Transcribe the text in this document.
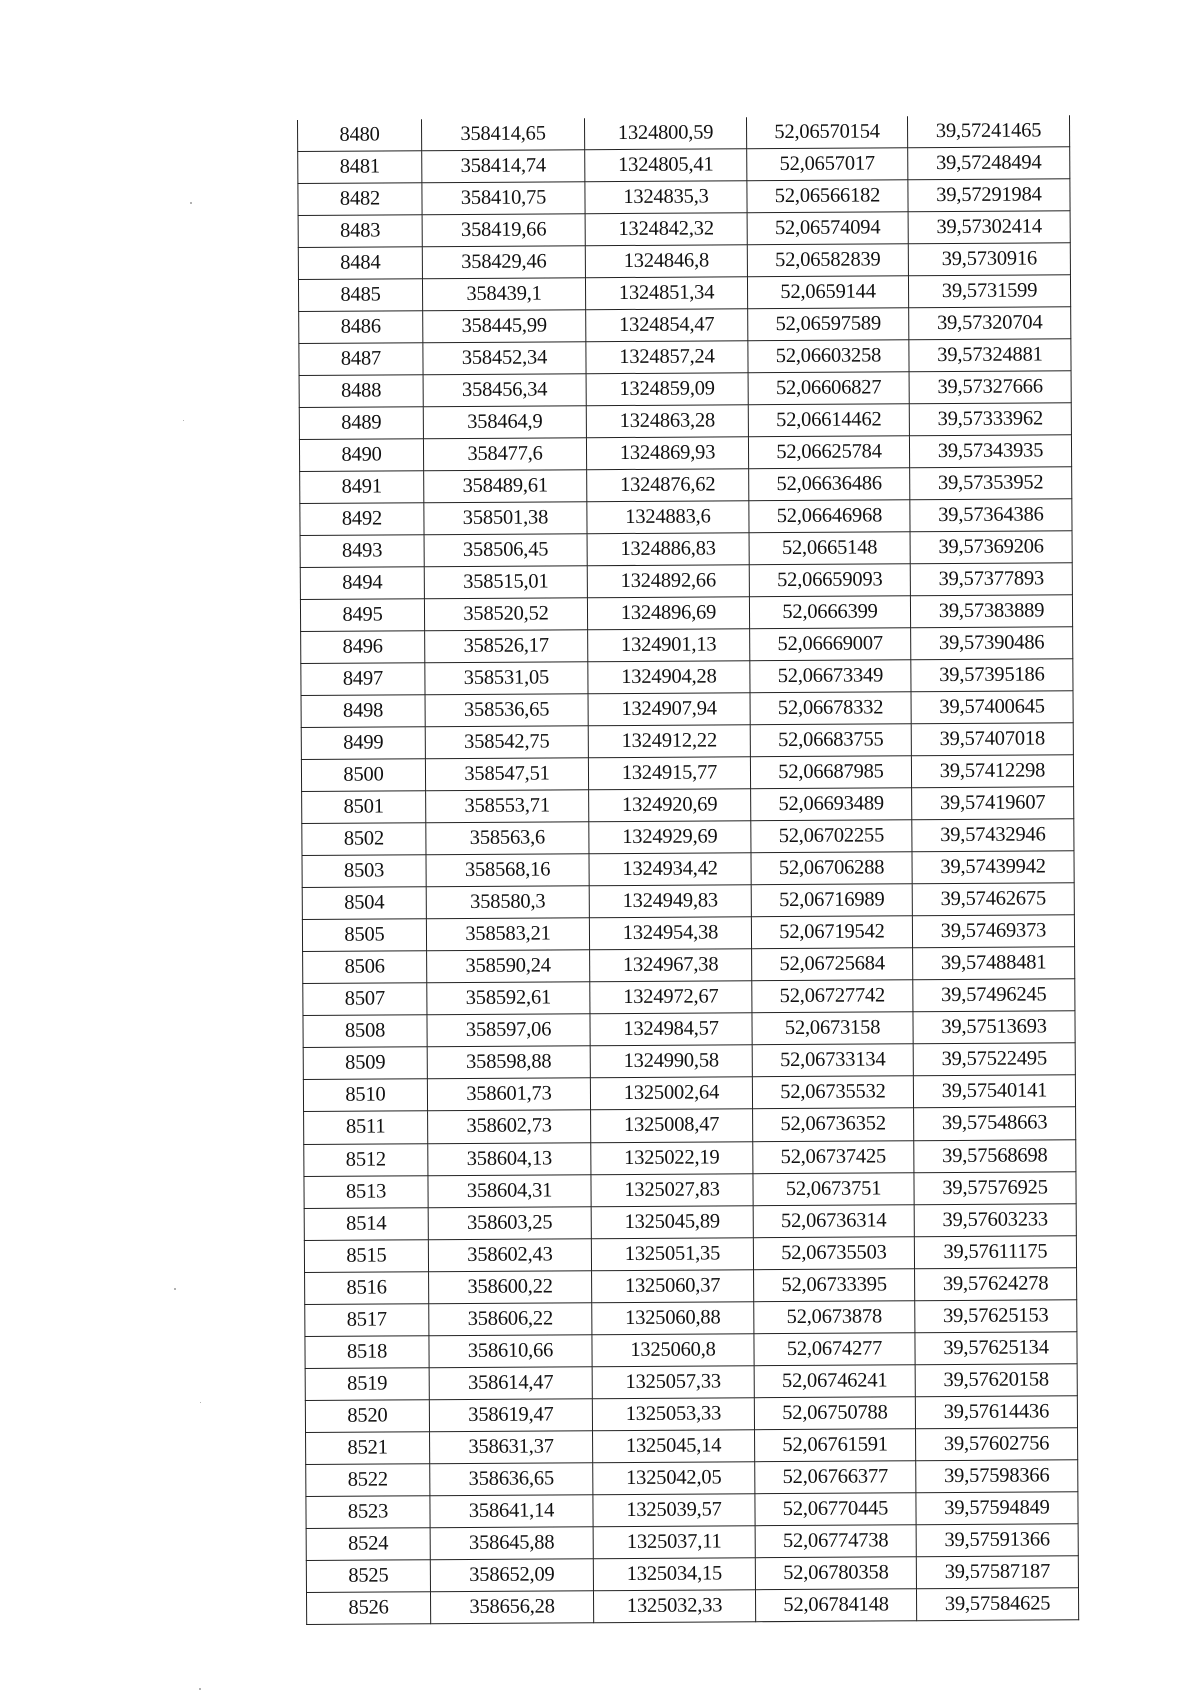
8480	358414,65	1324800,59	52,06570154	39,57241465
8481	358414,74	1324805,41	52,0657017	39,57248494
8482	358410,75	1324835,3	52,06566182	39,57291984
8483	358419,66	1324842,32	52,06574094	39,57302414
8484	358429,46	1324846,8	52,06582839	39,5730916
8485	358439,1	1324851,34	52,0659144	39,5731599
8486	358445,99	1324854,47	52,06597589	39,57320704
8487	358452,34	1324857,24	52,06603258	39,57324881
8488	358456,34	1324859,09	52,06606827	39,57327666
8489	358464,9	1324863,28	52,06614462	39,57333962
8490	358477,6	1324869,93	52,06625784	39,57343935
8491	358489,61	1324876,62	52,06636486	39,57353952
8492	358501,38	1324883,6	52,06646968	39,57364386
8493	358506,45	1324886,83	52,0665148	39,57369206
8494	358515,01	1324892,66	52,06659093	39,57377893
8495	358520,52	1324896,69	52,0666399	39,57383889
8496	358526,17	1324901,13	52,06669007	39,57390486
8497	358531,05	1324904,28	52,06673349	39,57395186
8498	358536,65	1324907,94	52,06678332	39,57400645
8499	358542,75	1324912,22	52,06683755	39,57407018
8500	358547,51	1324915,77	52,06687985	39,57412298
8501	358553,71	1324920,69	52,06693489	39,57419607
8502	358563,6	1324929,69	52,06702255	39,57432946
8503	358568,16	1324934,42	52,06706288	39,57439942
8504	358580,3	1324949,83	52,06716989	39,57462675
8505	358583,21	1324954,38	52,06719542	39,57469373
8506	358590,24	1324967,38	52,06725684	39,57488481
8507	358592,61	1324972,67	52,06727742	39,57496245
8508	358597,06	1324984,57	52,0673158	39,57513693
8509	358598,88	1324990,58	52,06733134	39,57522495
8510	358601,73	1325002,64	52,06735532	39,57540141
8511	358602,73	1325008,47	52,06736352	39,57548663
8512	358604,13	1325022,19	52,06737425	39,57568698
8513	358604,31	1325027,83	52,0673751	39,57576925
8514	358603,25	1325045,89	52,06736314	39,57603233
8515	358602,43	1325051,35	52,06735503	39,57611175
8516	358600,22	1325060,37	52,06733395	39,57624278
8517	358606,22	1325060,88	52,0673878	39,57625153
8518	358610,66	1325060,8	52,0674277	39,57625134
8519	358614,47	1325057,33	52,06746241	39,57620158
8520	358619,47	1325053,33	52,06750788	39,57614436
8521	358631,37	1325045,14	52,06761591	39,57602756
8522	358636,65	1325042,05	52,06766377	39,57598366
8523	358641,14	1325039,57	52,06770445	39,57594849
8524	358645,88	1325037,11	52,06774738	39,57591366
8525	358652,09	1325034,15	52,06780358	39,57587187
8526	358656,28	1325032,33	52,06784148	39,57584625
